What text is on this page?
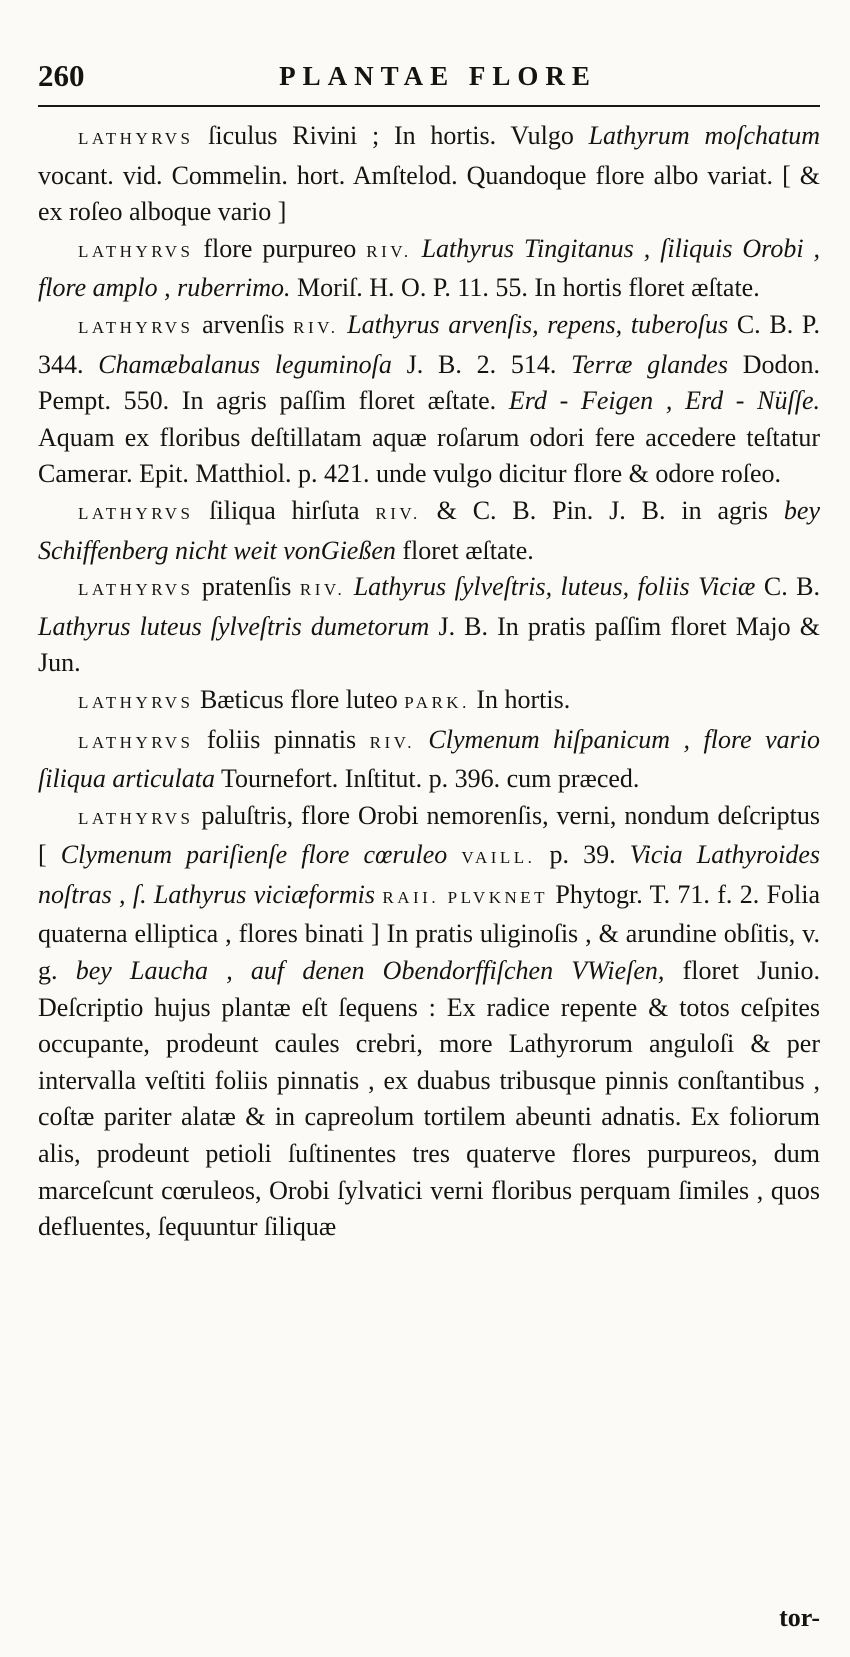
260	PLANTAE FLORE

LATHYRVS ſiculus Rivini ; In hortis. Vulgo Lathyrum moſchatum vocant. vid. Commelin. hort. Amſtelod. Quandoque flore albo variat. [ & ex roſeo alboque vario ]

LATHYRVS flore purpureo RIV. Lathyrus Tingitanus , ſiliquis Orobi , flore amplo , ruberrimo. Moriſ. H. O. P. 11. 55. In hortis floret æſtate.

LATHYRVS arvenſis RIV. Lathyrus arvenſis, repens, tuberoſus C. B. P. 344. Chamæbalanus leguminoſa J. B. 2. 514. Terræ glandes Dodon. Pempt. 550. In agris paſſim floret æſtate. Erd - Feigen , Erd - Nüſſe. Aquam ex floribus deſtillatam aquæ roſarum odori fere accedere teſtatur Camerar. Epit. Matthiol. p. 421. unde vulgo dicitur flore & odore roſeo.

LATHYRVS ſiliqua hirſuta RIV. & C. B. Pin. J. B. in agris bey Schiffenberg nicht weit vonGießen floret æſtate.

LATHYRVS pratenſis RIV. Lathyrus ſylveſtris, luteus, foliis Viciæ C. B. Lathyrus luteus ſylveſtris dumetorum J. B. In pratis paſſim floret Majo & Jun.

LATHYRVS Bæticus flore luteo PARK. In hortis.

LATHYRVS foliis pinnatis RIV. Clymenum hiſpanicum , flore vario ſiliqua articulata Tournefort. Inſtitut. p. 396. cum præced.

LATHYRVS paluſtris, flore Orobi nemorenſis, verni, nondum deſcriptus [ Clymenum pariſienſe flore cœruleo VAILL. p. 39. Vicia Lathyroides noſtras , ſ. Lathyrus viciæformis RAII. PLVKNET Phytogr. T. 71. f. 2. Folia quaterna elliptica , flores binati ] In pratis uliginoſis , & arundine obſitis, v. g. bey Laucha , auf denen Obendorffiſchen VWieſen, floret Junio. Deſcriptio hujus plantæ eſt ſequens : Ex radice repente & totos ceſpites occupante, prodeunt caules crebri, more Lathyrorum anguloſi & per intervalla veſtiti foliis pinnatis , ex duabus tribusque pinnis conſtantibus , coſtæ pariter alatæ & in capreolum tortilem abeunti adnatis. Ex foliorum alis, prodeunt petioli ſuſtinentes tres quaterve flores purpureos, dum marceſcunt cœruleos, Orobi ſylvatici verni floribus perquam ſimiles , quos defluentes, ſequuntur ſiliquæ

tor-
